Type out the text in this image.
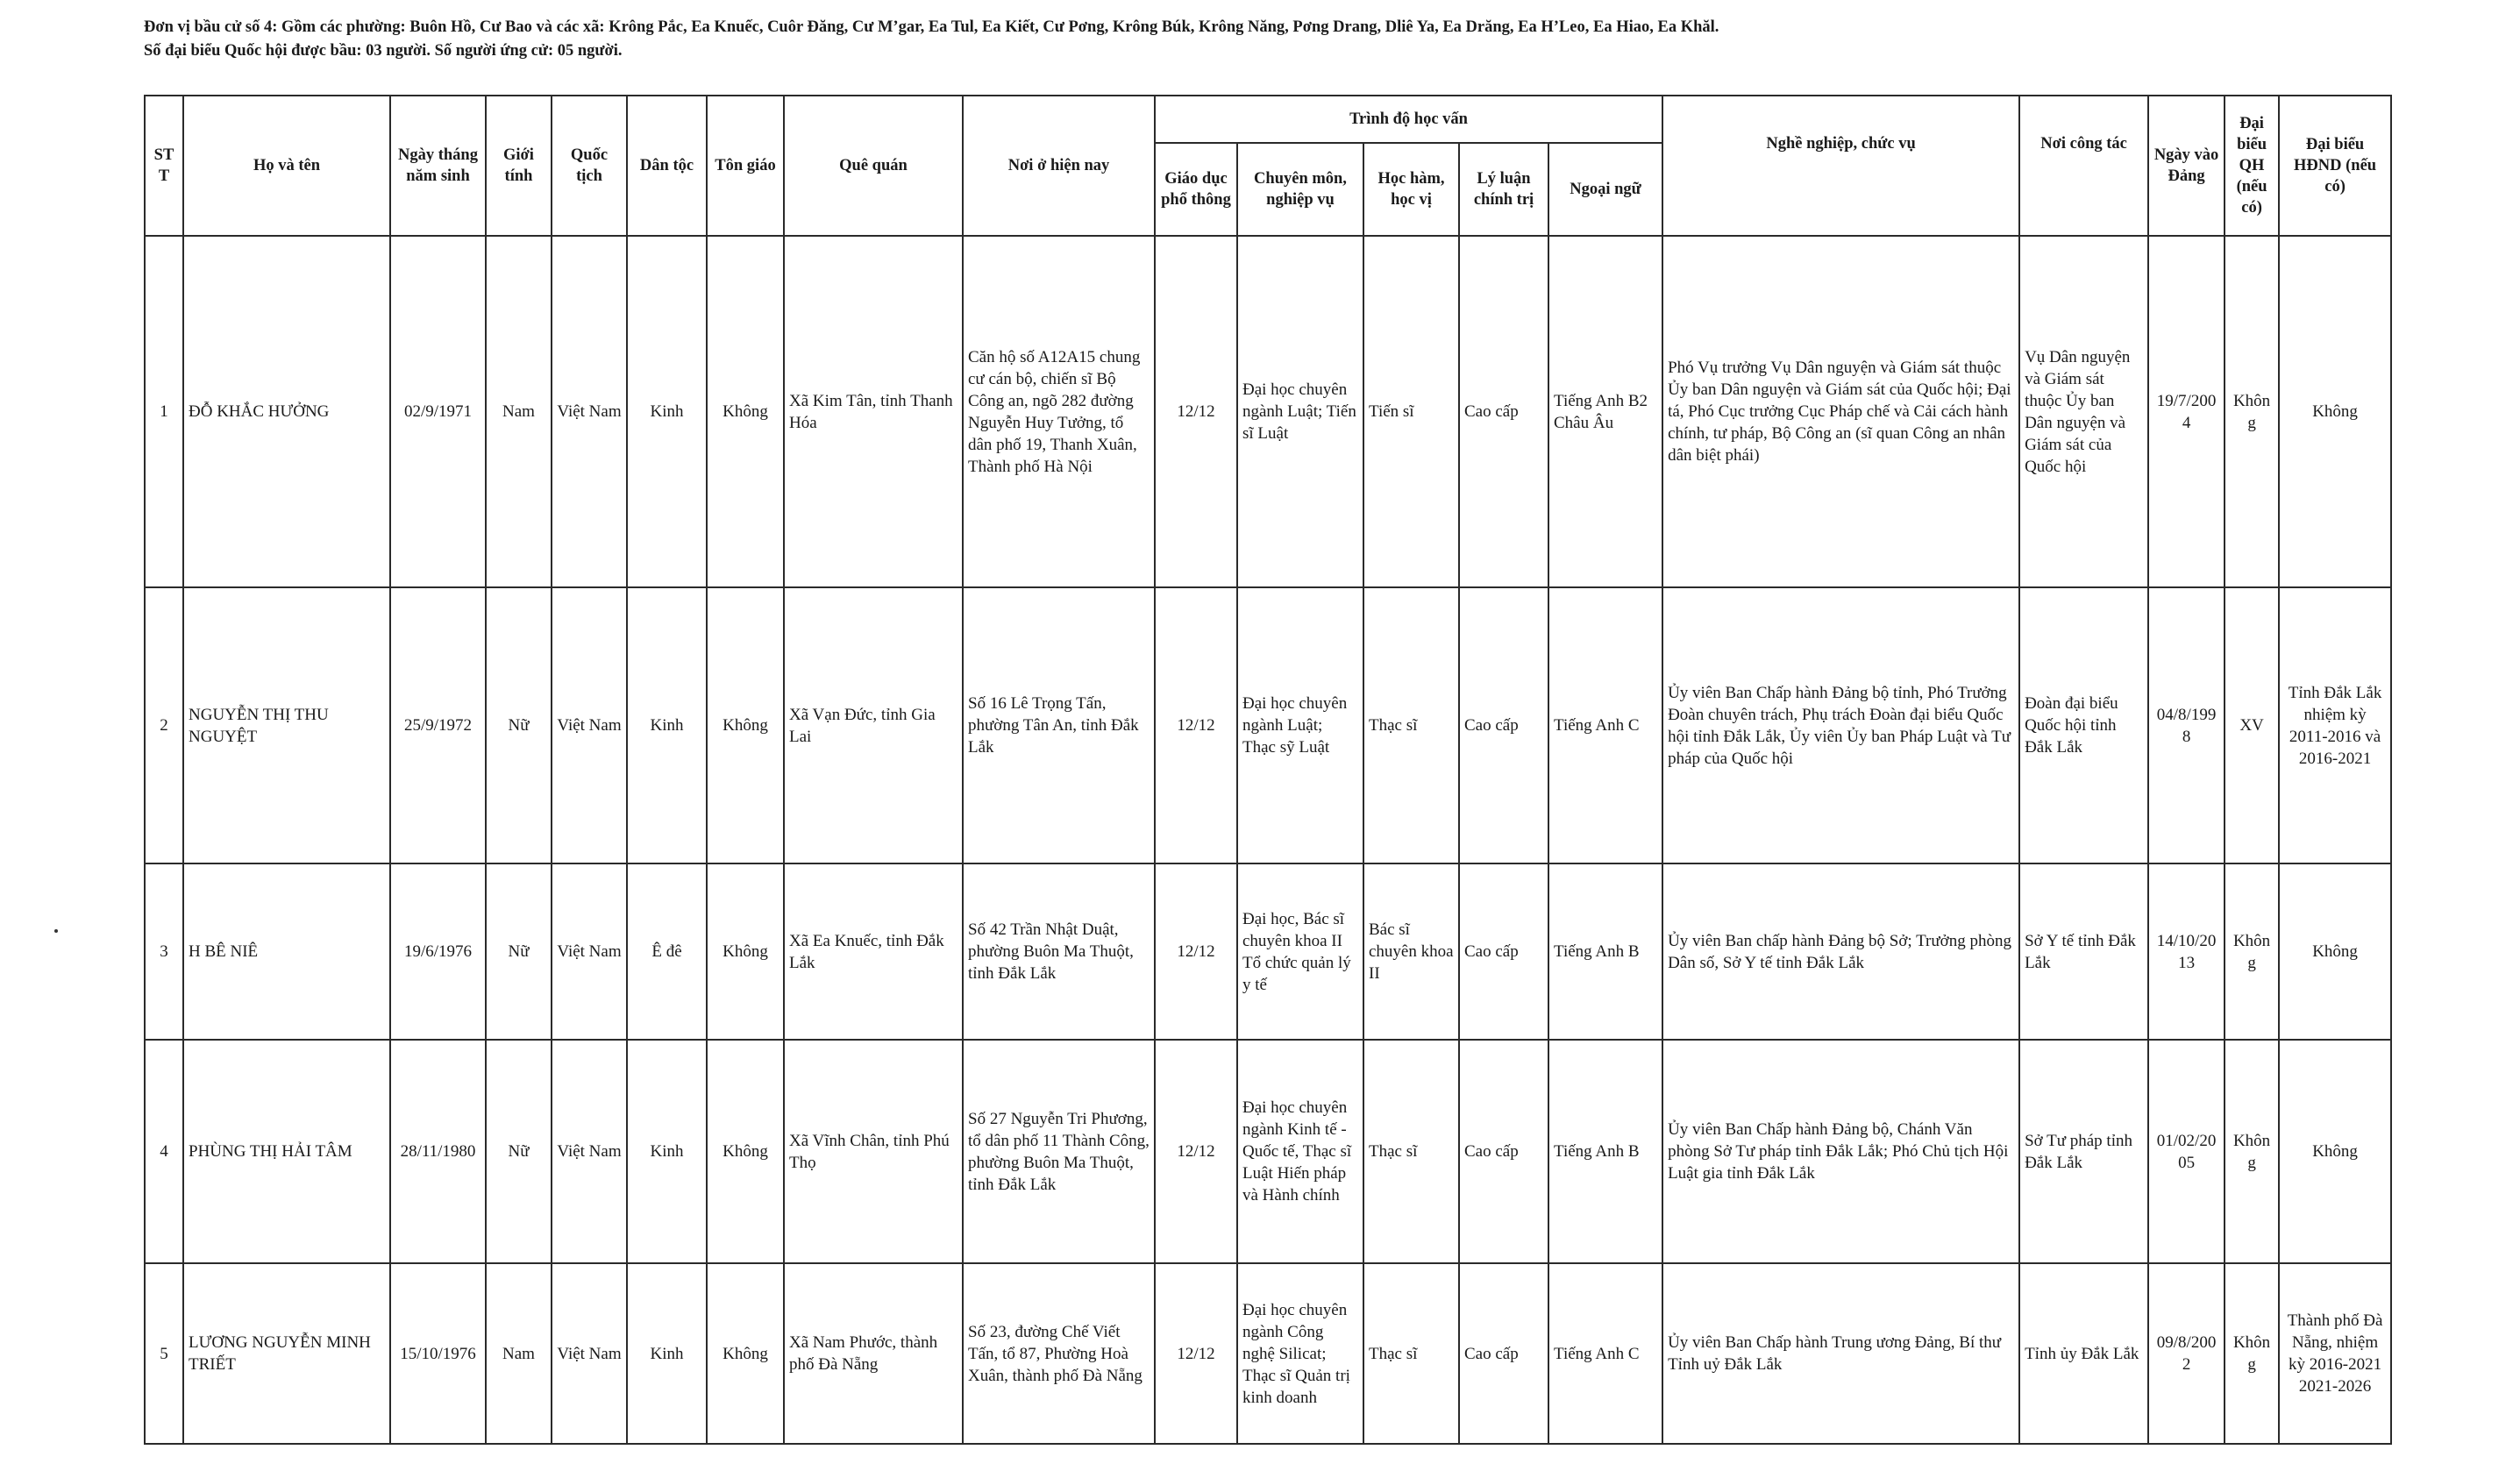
Đơn vị bầu cử số 4: Gồm các phường: Buôn Hồ, Cư Bao và các xã: Krông Pắc, Ea Knuếc, Cuôr Đăng, Cư M’gar, Ea Tul, Ea Kiết, Cư Pơng, Krông Búk, Krông Năng, Pơng Drang, Dliê Ya, Ea Drăng, Ea H’Leo, Ea Hiao, Ea Khăl.
Số đại biểu Quốc hội được bầu: 03 người. Số người ứng cử: 05 người.
STT	Họ và tên	Ngày tháng năm sinh	Giới tính	Quốc tịch	Dân tộc	Tôn giáo	Quê quán	Nơi ở hiện nay	Trình độ học vấn					Nghề nghiệp, chức vụ	Nơi công tác	Ngày vào Đảng	Đại biểu QH (nếu có)	Đại biểu HĐND (nếu có)
									Giáo dục phổ thông	Chuyên môn, nghiệp vụ	Học hàm, học vị	Lý luận chính trị	Ngoại ngữ					
1	ĐỖ KHẮC HƯỞNG	02/9/1971	Nam	Việt Nam	Kinh	Không	Xã Kim Tân, tỉnh Thanh Hóa	Căn hộ số A12A15 chung cư cán bộ, chiến sĩ Bộ Công an, ngõ 282 đường Nguyễn Huy Tưởng, tổ dân phố 19, Thanh Xuân, Thành phố Hà Nội	12/12	Đại học chuyên ngành Luật; Tiến sĩ Luật	Tiến sĩ	Cao cấp	Tiếng Anh B2 Châu Âu	Phó Vụ trưởng Vụ Dân nguyện và Giám sát thuộc Ủy ban Dân nguyện và Giám sát của Quốc hội; Đại tá, Phó Cục trưởng Cục Pháp chế và Cải cách hành chính, tư pháp, Bộ Công an (sĩ quan Công an nhân dân biệt phái)	Vụ Dân nguyện và Giám sát thuộc Ủy ban Dân nguyện và Giám sát của Quốc hội	19/7/2004	Không	Không
2	NGUYỄN THỊ THU NGUYỆT	25/9/1972	Nữ	Việt Nam	Kinh	Không	Xã Vạn Đức, tỉnh Gia Lai	Số 16 Lê Trọng Tấn, phường Tân An, tỉnh Đắk Lắk	12/12	Đại học chuyên ngành Luật; Thạc sỹ Luật	Thạc sĩ	Cao cấp	Tiếng Anh C	Ủy viên Ban Chấp hành Đảng bộ tỉnh, Phó Trưởng Đoàn chuyên trách, Phụ trách Đoàn đại biểu Quốc hội tỉnh Đắk Lắk, Ủy viên Ủy ban Pháp Luật và Tư pháp của Quốc hội	Đoàn đại biểu Quốc hội tỉnh Đắk Lắk	04/8/1998	XV	Tỉnh Đắk Lắk nhiệm kỳ 2011-2016 và 2016-2021
3	H BÊ NIÊ	19/6/1976	Nữ	Việt Nam	Ê đê	Không	Xã Ea Knuếc, tỉnh Đắk Lắk	Số 42 Trần Nhật Duật, phường Buôn Ma Thuột, tỉnh Đắk Lắk	12/12	Đại học, Bác sĩ chuyên khoa II Tổ chức quản lý y tế	Bác sĩ chuyên khoa II	Cao cấp	Tiếng Anh B	Ủy viên Ban chấp hành Đảng bộ Sở; Trưởng phòng Dân số, Sở Y tế tỉnh Đắk Lắk	Sở Y tế tỉnh Đắk Lắk	14/10/2013	Không	Không
4	PHÙNG THỊ HẢI TÂM	28/11/1980	Nữ	Việt Nam	Kinh	Không	Xã Vĩnh Chân, tỉnh Phú Thọ	Số 27 Nguyễn Tri Phương, tổ dân phố 11 Thành Công, phường Buôn Ma Thuột, tỉnh Đắk Lắk	12/12	Đại học chuyên ngành Kinh tế - Quốc tế, Thạc sĩ Luật Hiến pháp và Hành chính	Thạc sĩ	Cao cấp	Tiếng Anh B	Ủy viên Ban Chấp hành Đảng bộ, Chánh Văn phòng Sở Tư pháp tỉnh Đắk Lắk; Phó Chủ tịch Hội Luật gia tỉnh Đắk Lắk	Sở Tư pháp tỉnh Đắk Lắk	01/02/2005	Không	Không
5	LƯƠNG NGUYỄN MINH TRIẾT	15/10/1976	Nam	Việt Nam	Kinh	Không	Xã Nam Phước, thành phố Đà Nẵng	Số 23, đường Chế Viết Tấn, tổ 87, Phường Hoà Xuân, thành phố Đà Nẵng	12/12	Đại học chuyên ngành Công nghệ Silicat; Thạc sĩ Quản trị kinh doanh	Thạc sĩ	Cao cấp	Tiếng Anh C	Ủy viên Ban Chấp hành Trung ương Đảng, Bí thư Tỉnh uỷ Đắk Lắk	Tỉnh ủy Đắk Lắk	09/8/2002	Không	Thành phố Đà Nẵng, nhiệm kỳ 2016-2021 2021-2026
